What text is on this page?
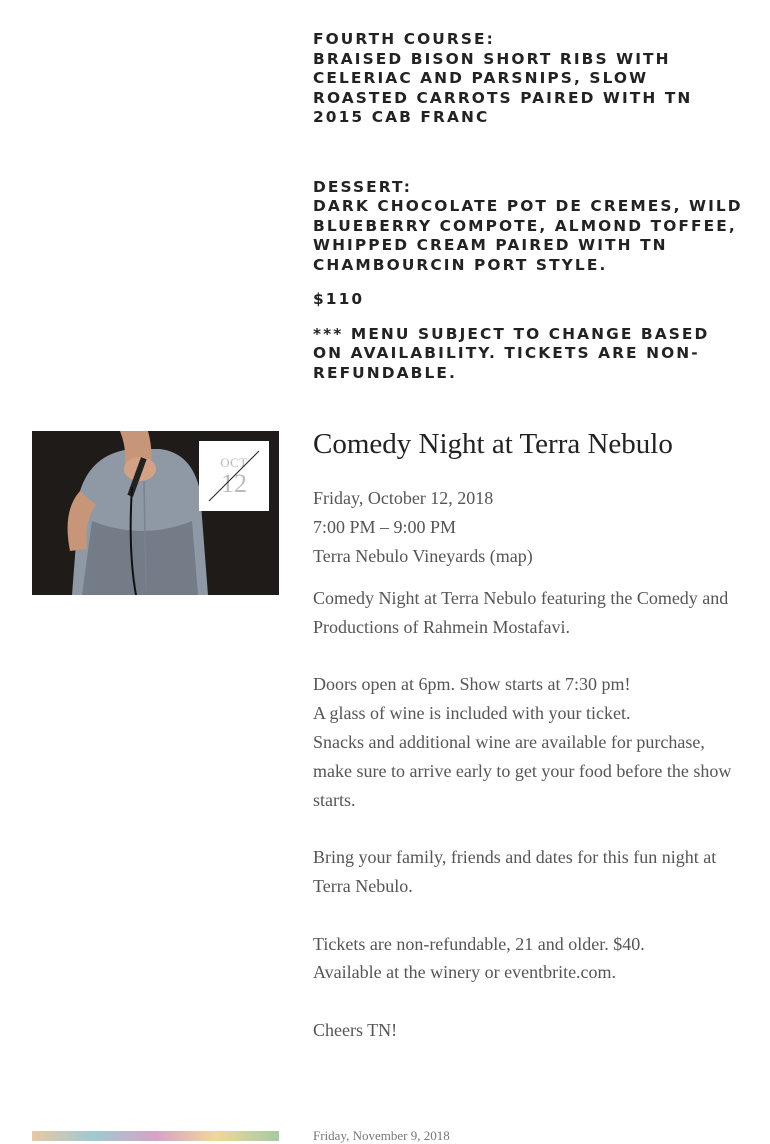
FOURTH COURSE:

BRAISED BISON SHORT RIBS WITH CELERIAC AND PARSNIPS, SLOW ROASTED CARROTS PAIRED WITH TN 2015 CAB FRANC

DESSERT:

DARK CHOCOLATE POT DE CREMES, WILD BLUEBERRY COMPOTE, ALMOND TOFFEE, WHIPPED CREAM PAIRED WITH TN CHAMBOURCIN PORT STYLE.

$110

*** MENU SUBJECT TO CHANGE BASED ON AVAILABILITY. TICKETS ARE NON-REFUNDABLE.

OCT
12
Comedy Night at Terra Nebulo
Friday, October 12, 2018
7:00 PM – 9:00 PM
Terra Nebulo Vineyards (map)

Comedy Night at Terra Nebulo featuring the Comedy and Productions of Rahmein Mostafavi.

Doors open at 6pm. Show starts at 7:30 pm!

A glass of wine is included with your ticket.

Snacks and additional wine are available for purchase, make sure to arrive early to get your food before the show starts.

Bring your family, friends and dates for this fun night at Terra Nebulo.

Tickets are non-refundable, 21 and older. $40.

Available at the winery or eventbrite.com.

Cheers TN!

Friday, November 9, 2018
